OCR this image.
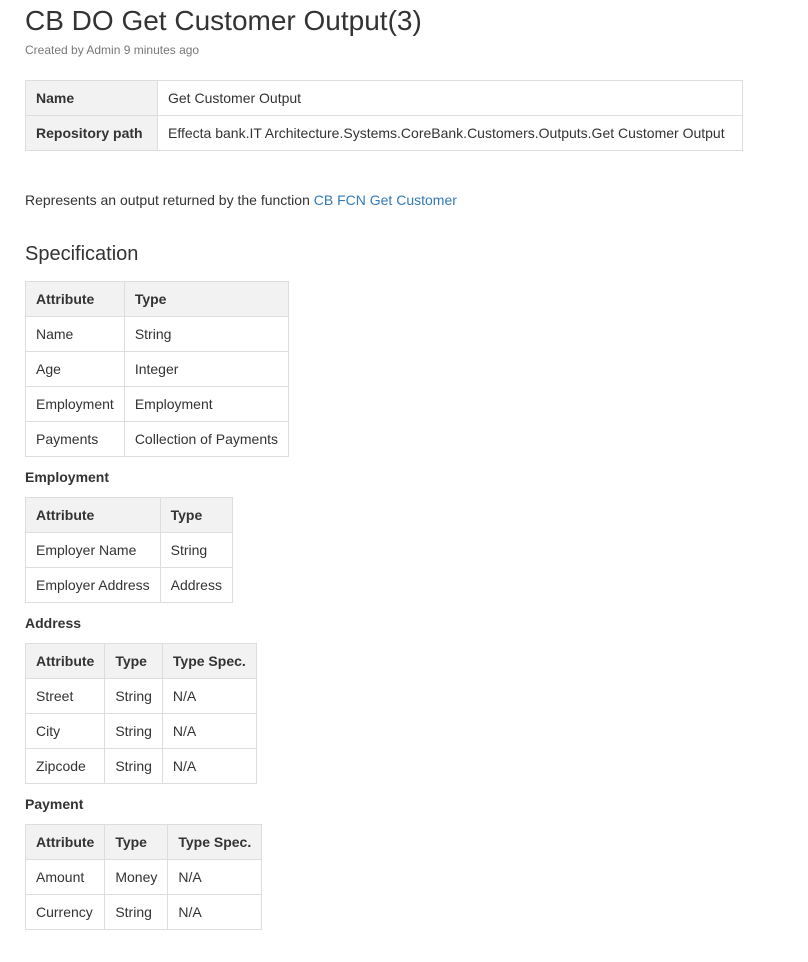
CB DO Get Customer Output(3)
Created by Admin 9 minutes ago
Name	Get Customer Output
Repository path	Effecta bank.IT Architecture.Systems.CoreBank.Customers.Outputs.Get Customer Output
Represents an output returned by the function CB FCN Get Customer
Specification
Attribute	Type
Name	String
Age	Integer
Employment	Employment
Payments	Collection of Payments
Employment
Attribute	Type
Employer Name	String
Employer Address	Address
Address
Attribute	Type	Type Spec.
Street	String	N/A
City	String	N/A
Zipcode	String	N/A
Payment
Attribute	Type	Type Spec.
Amount	Money	N/A
Currency	String	N/A
